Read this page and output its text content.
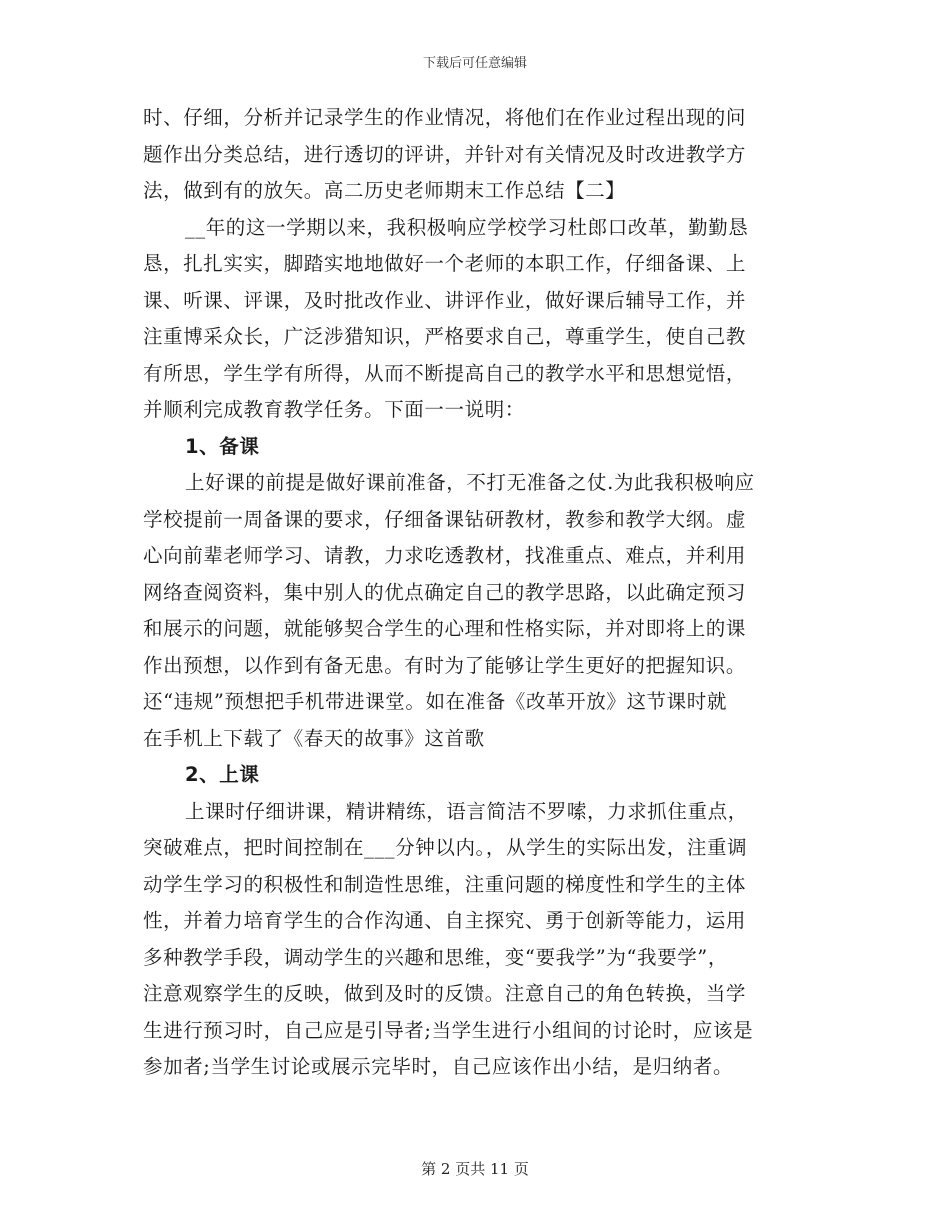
下载后可任意编辑
时、仔细，分析并记录学生的作业情况，将他们在作业过程出现的问
题作出分类总结，进行透切的评讲，并针对有关情况及时改进教学方
法，做到有的放矢。高二历史老师期末工作总结【二】
__年的这一学期以来，我积极响应学校学习杜郎口改革，勤勤恳
恳，扎扎实实，脚踏实地地做好一个老师的本职工作，仔细备课、上
课、听课、评课，及时批改作业、讲评作业，做好课后辅导工作，并
注重博采众长，广泛涉猎知识，严格要求自己，尊重学生，使自己教
有所思，学生学有所得，从而不断提高自己的教学水平和思想觉悟，
并顺利完成教育教学任务。下面一一说明：
1、备课
上好课的前提是做好课前准备，不打无准备之仗.为此我积极响应
学校提前一周备课的要求，仔细备课钻研教材，教参和教学大纲。虚
心向前辈老师学习、请教，力求吃透教材，找准重点、难点，并利用
网络查阅资料，集中别人的优点确定自己的教学思路，以此确定预习
和展示的问题，就能够契合学生的心理和性格实际，并对即将上的课
作出预想，以作到有备无患。有时为了能够让学生更好的把握知识。
还“违规”预想把手机带进课堂。如在准备《改革开放》这节课时就
在手机上下载了《春天的故事》这首歌
2、上课
上课时仔细讲课，精讲精练，语言简洁不罗嗦，力求抓住重点，
突破难点，把时间控制在___分钟以内。，从学生的实际出发，注重调
动学生学习的积极性和制造性思维，注重问题的梯度性和学生的主体
性，并着力培育学生的合作沟通、自主探究、勇于创新等能力，运用
多种教学手段，调动学生的兴趣和思维，变“要我学”为“我要学”，
注意观察学生的反映，做到及时的反馈。注意自己的角色转换，当学
生进行预习时，自己应是引导者;当学生进行小组间的讨论时，应该是
参加者;当学生讨论或展示完毕时，自己应该作出小结，是归纳者。
第 2 页共 11 页
